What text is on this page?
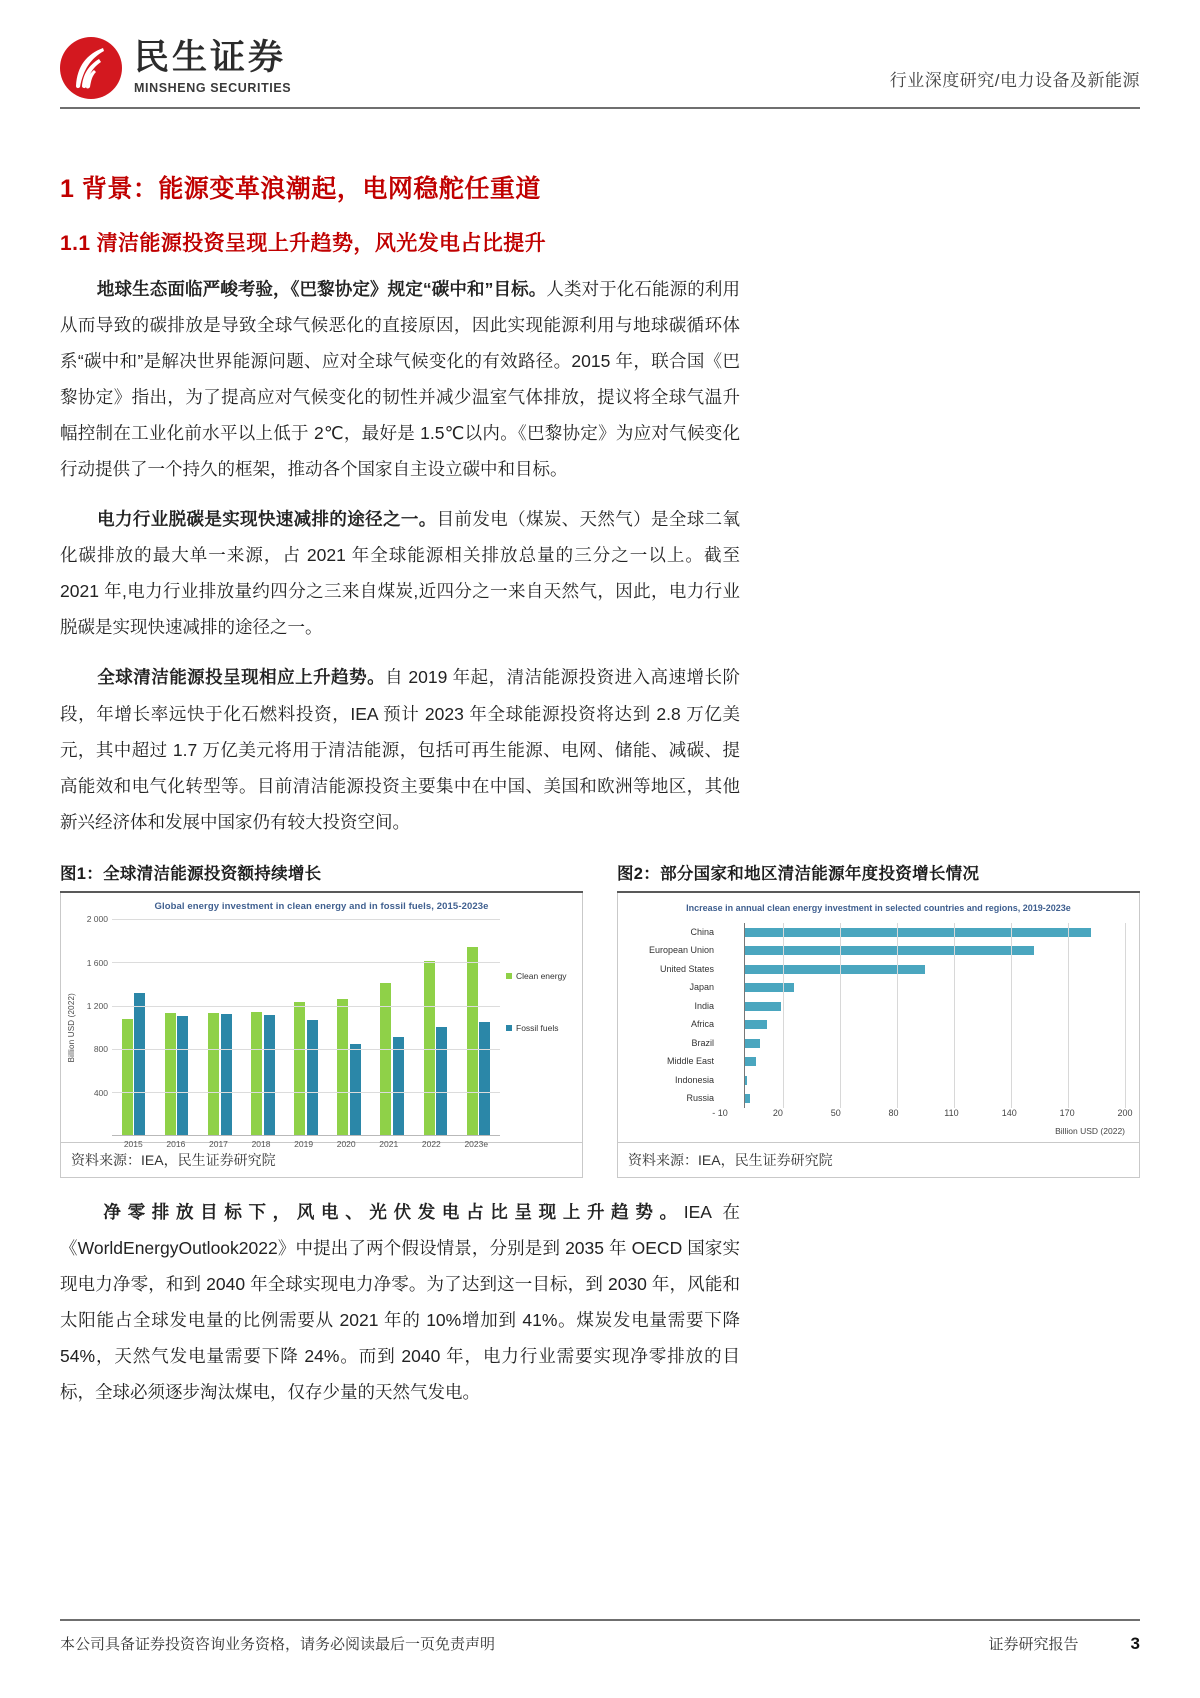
民生证券
MINSHENG SECURITIES	行业深度研究/电力设备及新能源
1 背景：能源变革浪潮起，电网稳舵任重道
1.1 清洁能源投资呈现上升趋势，风光发电占比提升

地球生态面临严峻考验，《巴黎协定》规定“碳中和”目标。人类对于化石能源的利用从而导致的碳排放是导致全球气候恶化的直接原因，因此实现能源利用与地球碳循环体系“碳中和”是解决世界能源问题、应对全球气候变化的有效路径。2015 年，联合国《巴黎协定》指出，为了提高应对气候变化的韧性并减少温室气体排放，提议将全球气温升幅控制在工业化前水平以上低于 2℃，最好是 1.5℃以内。《巴黎协定》为应对气候变化行动提供了一个持久的框架，推动各个国家自主设立碳中和目标。

电力行业脱碳是实现快速减排的途径之一。目前发电（煤炭、天然气）是全球二氧化碳排放的最大单一来源，占 2021 年全球能源相关排放总量的三分之一以上。截至 2021 年,电力行业排放量约四分之三来自煤炭,近四分之一来自天然气，因此，电力行业脱碳是实现快速减排的途径之一。

全球清洁能源投呈现相应上升趋势。自 2019 年起，清洁能源投资进入高速增长阶段，年增长率远快于化石燃料投资，IEA 预计 2023 年全球能源投资将达到 2.8 万亿美元，其中超过 1.7 万亿美元将用于清洁能源，包括可再生能源、电网、储能、减碳、提高能效和电气化转型等。目前清洁能源投资主要集中在中国、美国和欧洲等地区，其他新兴经济体和发展中国家仍有较大投资空间。

图1：全球清洁能源投资额持续增长
Global energy investment in clean energy and in fossil fuels, 2015-2023e
Billion USD (2022)
2 000
1 600
1 200
800
400
2015	2016	2017	2018	2019	2020	2021	2022	2023e
Clean energy
Fossil fuels
资料来源：IEA，民生证券研究院
图2：部分国家和地区清洁能源年度投资增长情况
Increase in annual clean energy investment in selected countries and regions, 2019-2023e
China
European Union
United States
Japan
India
Africa
Brazil
Middle East
Indonesia
Russia
- 10	20	50	80	110	140	170	200
Billion USD (2022)
资料来源：IEA，民生证券研究院

净零排放目标下，风电、光伏发电占比呈现上升趋势。IEA 在《WorldEnergyOutlook2022》中提出了两个假设情景，分别是到 2035 年 OECD 国家实现电力净零，和到 2040 年全球实现电力净零。为了达到这一目标，到 2030 年，风能和太阳能占全球发电量的比例需要从 2021 年的 10%增加到 41%。煤炭发电量需要下降 54%，天然气发电量需要下降 24%。而到 2040 年，电力行业需要实现净零排放的目标，全球必须逐步淘汰煤电，仅存少量的天然气发电。

本公司具备证券投资咨询业务资格，请务必阅读最后一页免责声明	证券研究报告	3
